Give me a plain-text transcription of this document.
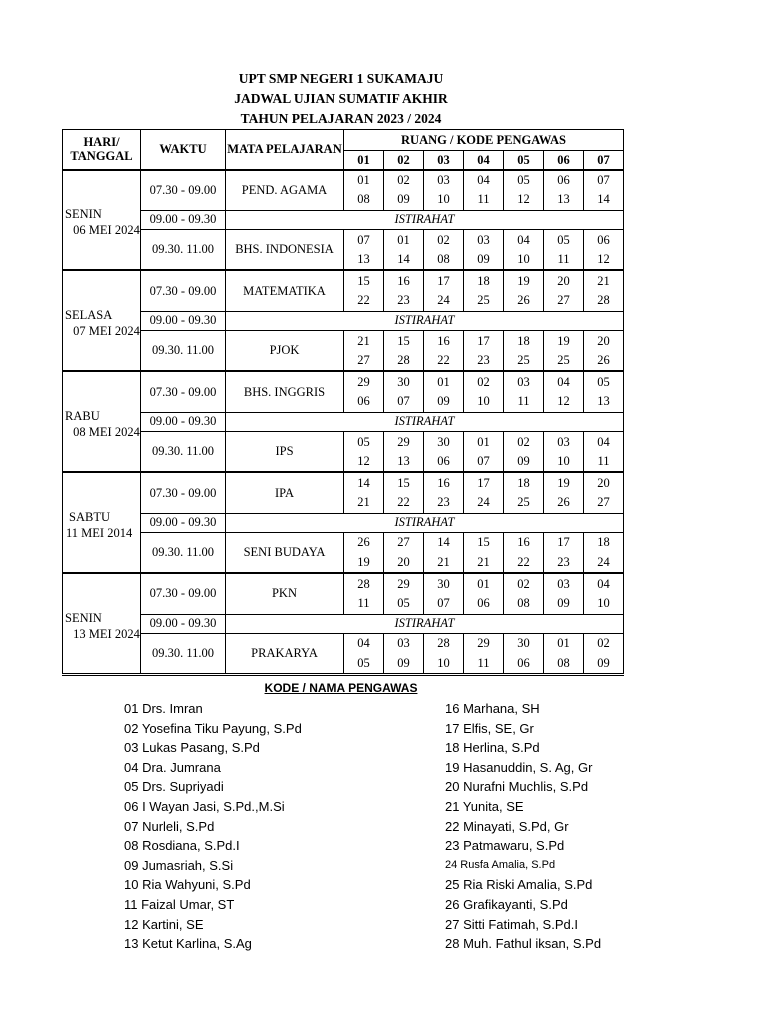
UPT SMP NEGERI 1 SUKAMAJU
JADWAL UJIAN SUMATIF AKHIR
TAHUN PELAJARAN 2023 / 2024
HARI/ TANGGAL	WAKTU	MATA PELAJARAN	RUANG / KODE PENGAWAS						
			01	02	03	04	05	06	07

SENIN
06 MEI 2024	07.30 - 09.00	PEND. AGAMA	01	02	03	04	05	06	07
			08	09	10	11	12	13	14
	09.00 - 09.30	ISTIRAHAT							
	09.30. 11.00	BHS. INDONESIA	07	01	02	03	04	05	06
			13	14	08	09	10	11	12

SELASA
07 MEI 2024	07.30 - 09.00	MATEMATIKA	15	16	17	18	19	20	21
			22	23	24	25	26	27	28
	09.00 - 09.30	ISTIRAHAT							
	09.30. 11.00	PJOK	21	15	16	17	18	19	20
			27	28	22	23	25	25	26

RABU
08 MEI 2024	07.30 - 09.00	BHS. INGGRIS	29	30	01	02	03	04	05
			06	07	09	10	11	12	13
	09.00 - 09.30	ISTIRAHAT							
	09.30. 11.00	IPS	05	29	30	01	02	03	04
			12	13	06	07	09	10	11

SABTU
11 MEI 2014	07.30 - 09.00	IPA	14	15	16	17	18	19	20
			21	22	23	24	25	26	27
	09.00 - 09.30	ISTIRAHAT							
	09.30. 11.00	SENI BUDAYA	26	27	14	15	16	17	18
			19	20	21	21	22	23	24

SENIN
13 MEI 2024	07.30 - 09.00	PKN	28	29	30	01	02	03	04
			11	05	07	06	08	09	10
	09.00 - 09.30	ISTIRAHAT							
	09.30. 11.00	PRAKARYA	04	03	28	29	30	01	02
			05	09	10	11	06	08	09
KODE / NAMA PENGAWAS
01 Drs. Imran
02 Yosefina Tiku Payung, S.Pd
03 Lukas Pasang, S.Pd
04 Dra. Jumrana
05 Drs. Supriyadi
06 I Wayan Jasi, S.Pd.,M.Si
07 Nurleli, S.Pd
08 Rosdiana, S.Pd.I
09 Jumasriah, S.Si
10 Ria Wahyuni, S.Pd
11 Faizal Umar, ST
12 Kartini, SE
13 Ketut Karlina, S.Ag
16 Marhana, SH
17 Elfis, SE, Gr
18 Herlina, S.Pd
19 Hasanuddin, S. Ag, Gr
20 Nurafni Muchlis, S.Pd
21 Yunita, SE
22 Minayati, S.Pd, Gr
23 Patmawaru, S.Pd
24 Rusfa Amalia, S.Pd
25 Ria Riski Amalia, S.Pd
26 Grafikayanti, S.Pd
27 Sitti Fatimah, S.Pd.I
28 Muh. Fathul iksan, S.Pd
